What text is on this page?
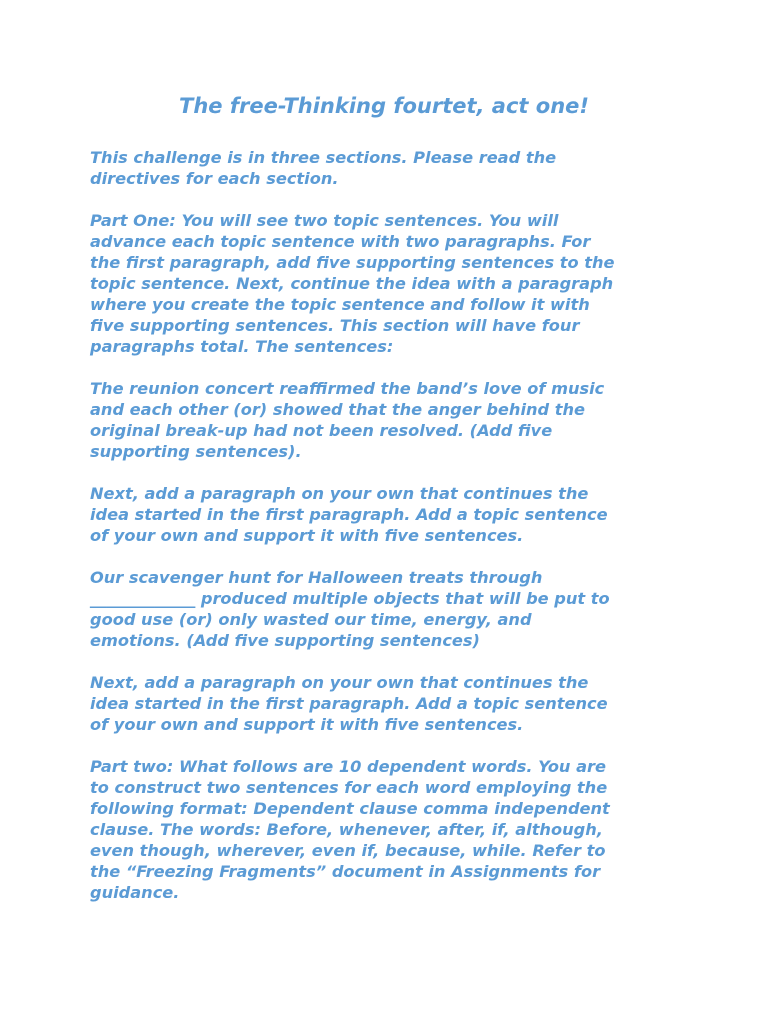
The free-Thinking fourtet, act one!

This challenge is in three sections. Please read the
directives for each section.

Part One: You will see two topic sentences. You will
advance each topic sentence with two paragraphs. For
the first paragraph, add five supporting sentences to the
topic sentence. Next, continue the idea with a paragraph
where you create the topic sentence and follow it with
five supporting sentences. This section will have four
paragraphs total. The sentences:

The reunion concert reaffirmed the band’s love of music
and each other (or) showed that the anger behind the
original break-up had not been resolved. (Add five
supporting sentences).

Next, add a paragraph on your own that continues the
idea started in the first paragraph. Add a topic sentence
of your own and support it with five sentences.

Our scavenger hunt for Halloween treats through
_____________ produced multiple objects that will be put to
good use (or) only wasted our time, energy, and
emotions. (Add five supporting sentences)

Next, add a paragraph on your own that continues the
idea started in the first paragraph. Add a topic sentence
of your own and support it with five sentences.

Part two: What follows are 10 dependent words. You are
to construct two sentences for each word employing the
following format: Dependent clause comma independent
clause. The words: Before, whenever, after, if, although,
even though, wherever, even if, because, while. Refer to
the “Freezing Fragments” document in Assignments for
guidance.
